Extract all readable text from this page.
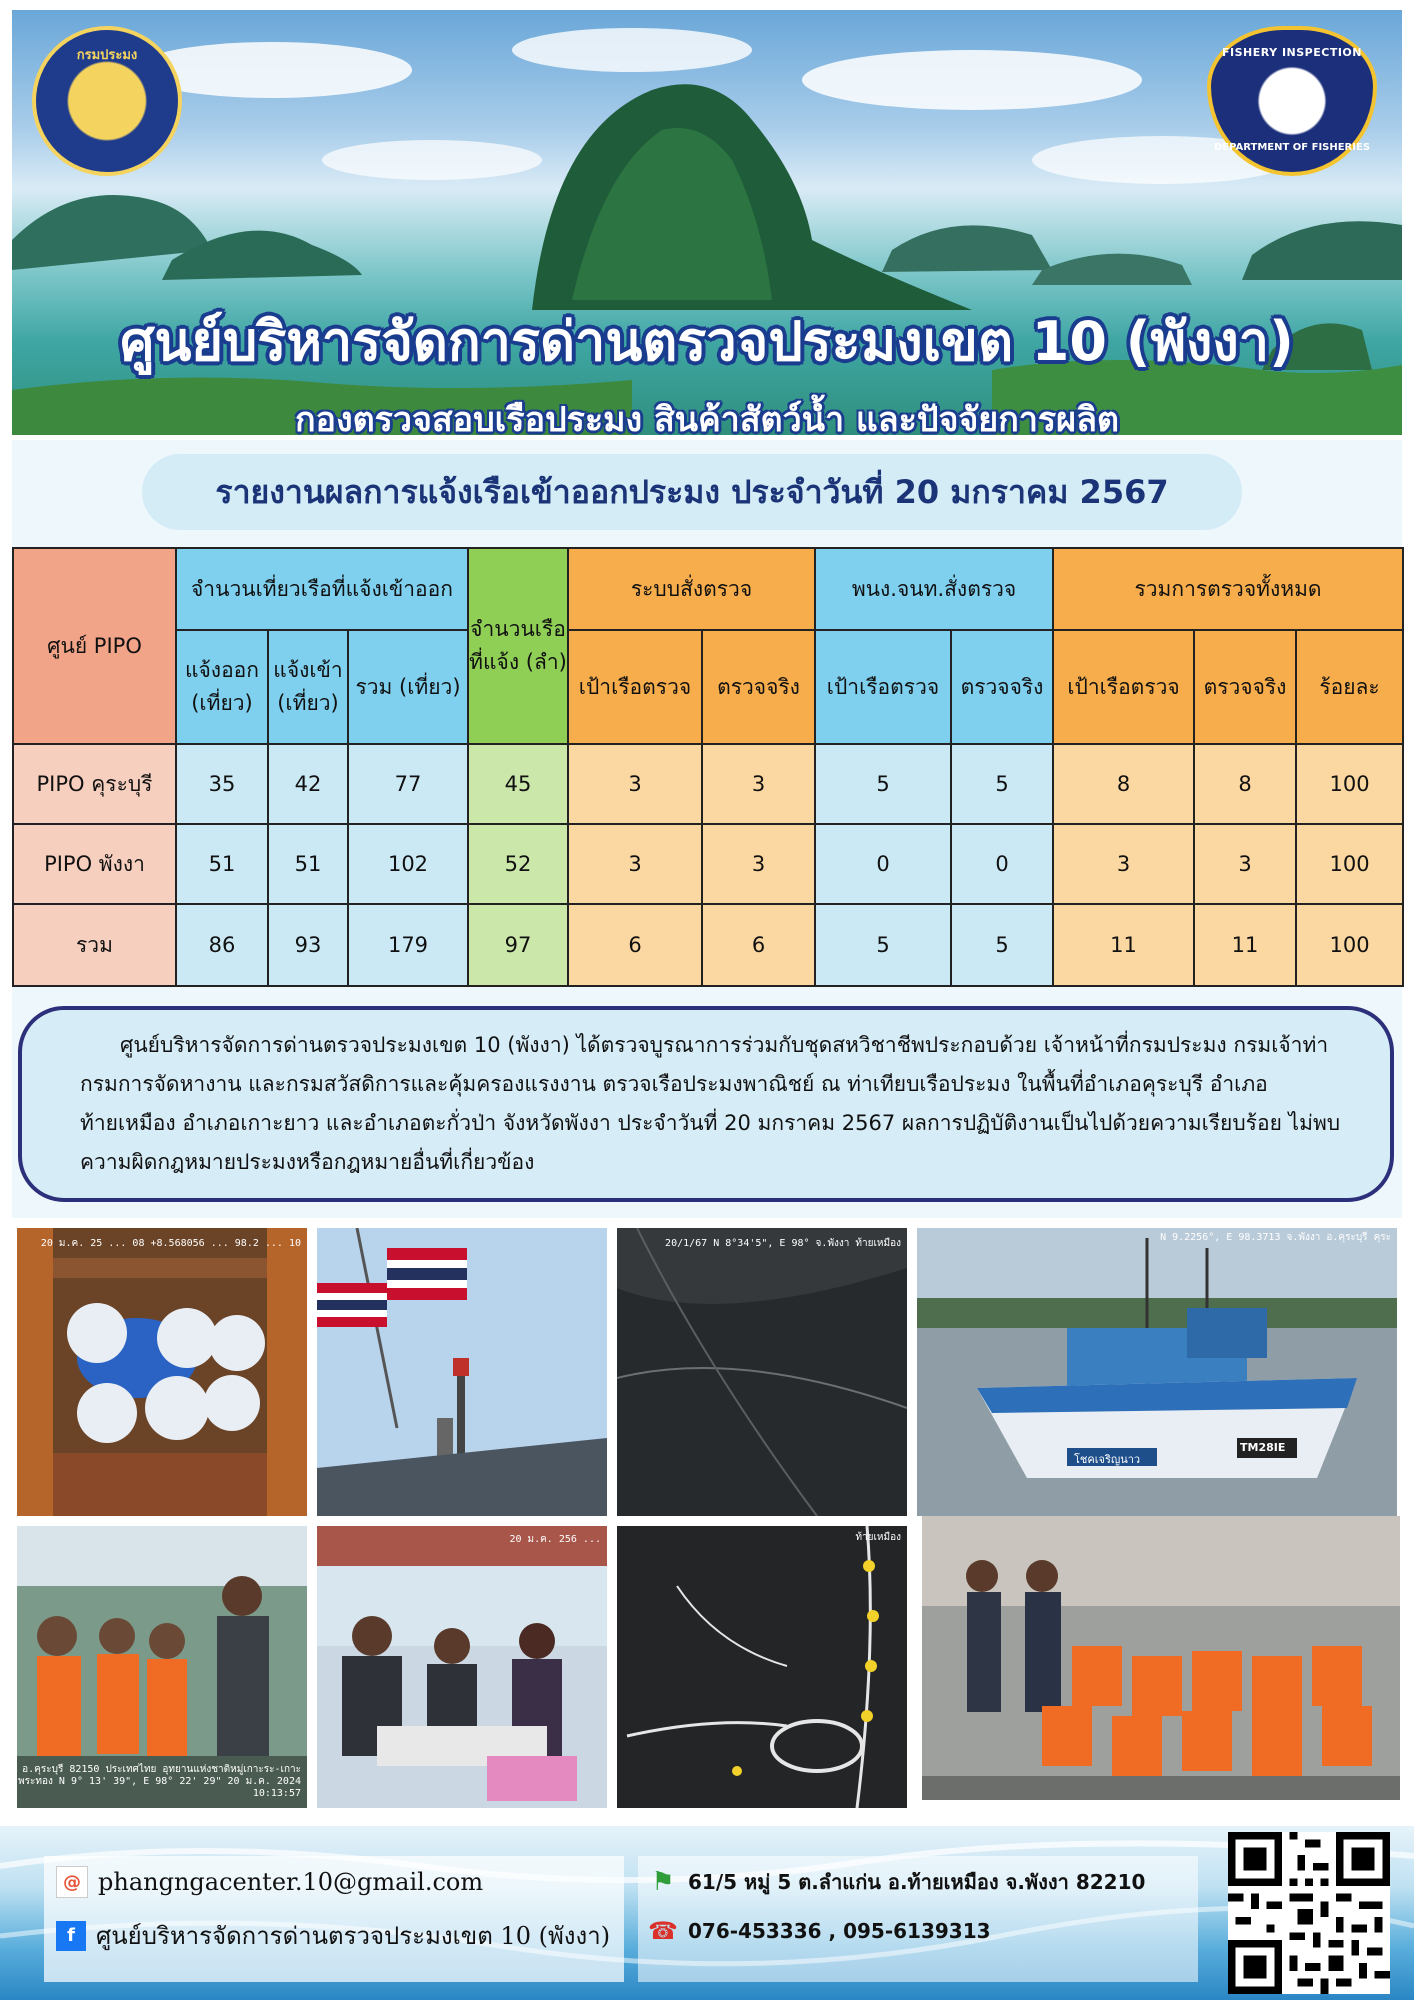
กรมประมง	FISHERY INSPECTION
DEPARTMENT OF FISHERIES
ศูนย์บริหารจัดการด่านตรวจประมงเขต 10 (พังงา)
กองตรวจสอบเรือประมง สินค้าสัตว์น้ำ และปัจจัยการผลิต
รายงานผลการแจ้งเรือเข้าออกประมง ประจำวันที่ 20 มกราคม 2567
ศูนย์ PIPO	จำนวนเที่ยวเรือที่แจ้งเข้าออก			จำนวนเรือที่แจ้ง (ลำ)	ระบบสั่งตรวจ		พนง.จนท.สั่งตรวจ		รวมการตรวจทั้งหมด		
	แจ้งออก (เที่ยว)	แจ้งเข้า (เที่ยว)	รวม (เที่ยว)		เป้าเรือตรวจ	ตรวจจริง	เป้าเรือตรวจ	ตรวจจริง	เป้าเรือตรวจ	ตรวจจริง	ร้อยละ
PIPO คุระบุรี	35	42	77	45	3	3	5	5	8	8	100
PIPO พังงา	51	51	102	52	3	3	0	0	3	3	100
รวม	86	93	179	97	6	6	5	5	11	11	100
ศูนย์บริหารจัดการด่านตรวจประมงเขต 10 (พังงา) ได้ตรวจบูรณาการร่วมกับชุดสหวิชาชีพประกอบด้วย เจ้าหน้าที่กรมประมง กรมเจ้าท่า กรมการจัดหางาน และกรมสวัสดิการและคุ้มครองแรงงาน ตรวจเรือประมงพาณิชย์ ณ ท่าเทียบเรือประมง ในพื้นที่อำเภอคุระบุรี อำเภอท้ายเหมือง อำเภอเกาะยาว และอำเภอตะกั่วป่า จังหวัดพังงา ประจำวันที่ 20 มกราคม 2567 ผลการปฏิบัติงานเป็นไปด้วยความเรียบร้อย ไม่พบความผิดกฎหมายประมงหรือกฎหมายอื่นที่เกี่ยวข้อง
20 ม.ค. 25 ... 08 +8.568056 ... 98.2 ... 10	20/1/67 N 8°34'5", E 98° จ.พังงา ท้ายเหมือง
N 9.2256°, E 98.3713 จ.พังงา อ.คุระบุรี คุระ
โชคเจริญนาว
TM28IE
อ.คุระบุรี 82150 ประเทศไทย อุทยานแห่งชาติหมู่เกาะระ-เกาะพระทอง N 9° 13' 39", E 98° 22' 29" 20 ม.ค. 2024 10:13:57
20 ม.ค. 256 ...	ท้ายเหมือง
@ phangngacenter.10@gmail.com
f ศูนย์บริหารจัดการด่านตรวจประมงเขต 10 (พังงา)
⚑ 61/5 หมู่ 5 ต.ลำแก่น อ.ท้ายเหมือง จ.พังงา 82210
☎ 076-453336 , 095-6139313
